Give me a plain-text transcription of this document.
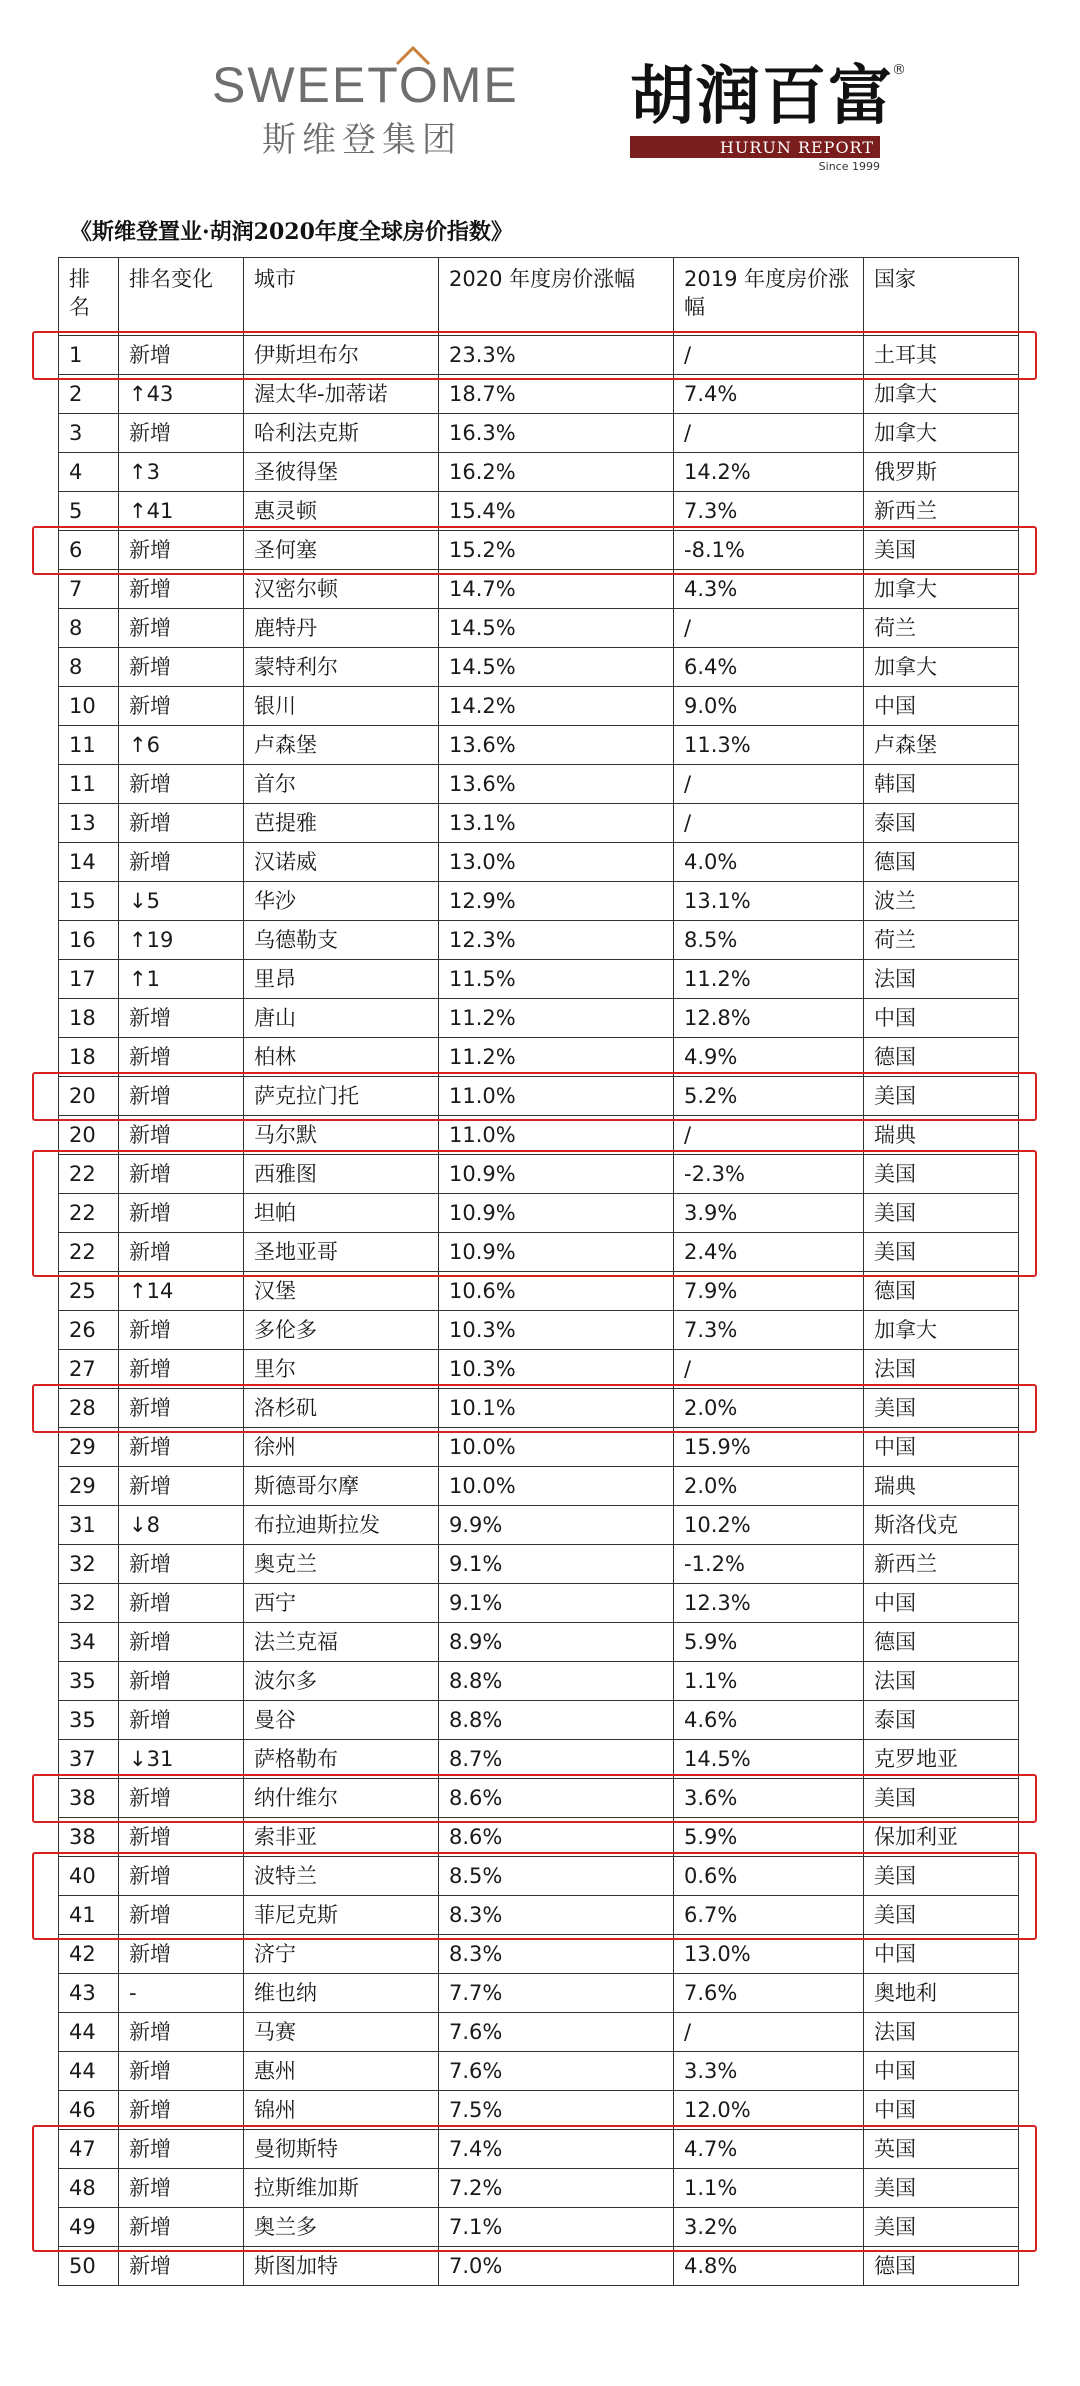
SWEETOME
斯维登集团
胡润百富
®
HURUN REPORT
Since 1999
《斯维登置业·胡润2020年度全球房价指数》
排名	排名变化	城市	2020 年度房价涨幅	2019 年度房价涨幅	国家
1	新增	伊斯坦布尔	23.3%	/	土耳其
2	↑43	渥太华-加蒂诺	18.7%	7.4%	加拿大
3	新增	哈利法克斯	16.3%	/	加拿大
4	↑3	圣彼得堡	16.2%	14.2%	俄罗斯
5	↑41	惠灵顿	15.4%	7.3%	新西兰
6	新增	圣何塞	15.2%	-8.1%	美国
7	新增	汉密尔顿	14.7%	4.3%	加拿大
8	新增	鹿特丹	14.5%	/	荷兰
8	新增	蒙特利尔	14.5%	6.4%	加拿大
10	新增	银川	14.2%	9.0%	中国
11	↑6	卢森堡	13.6%	11.3%	卢森堡
11	新增	首尔	13.6%	/	韩国
13	新增	芭提雅	13.1%	/	泰国
14	新增	汉诺威	13.0%	4.0%	德国
15	↓5	华沙	12.9%	13.1%	波兰
16	↑19	乌德勒支	12.3%	8.5%	荷兰
17	↑1	里昂	11.5%	11.2%	法国
18	新增	唐山	11.2%	12.8%	中国
18	新增	柏林	11.2%	4.9%	德国
20	新增	萨克拉门托	11.0%	5.2%	美国
20	新增	马尔默	11.0%	/	瑞典
22	新增	西雅图	10.9%	-2.3%	美国
22	新增	坦帕	10.9%	3.9%	美国
22	新增	圣地亚哥	10.9%	2.4%	美国
25	↑14	汉堡	10.6%	7.9%	德国
26	新增	多伦多	10.3%	7.3%	加拿大
27	新增	里尔	10.3%	/	法国
28	新增	洛杉矶	10.1%	2.0%	美国
29	新增	徐州	10.0%	15.9%	中国
29	新增	斯德哥尔摩	10.0%	2.0%	瑞典
31	↓8	布拉迪斯拉发	9.9%	10.2%	斯洛伐克
32	新增	奥克兰	9.1%	-1.2%	新西兰
32	新增	西宁	9.1%	12.3%	中国
34	新增	法兰克福	8.9%	5.9%	德国
35	新增	波尔多	8.8%	1.1%	法国
35	新增	曼谷	8.8%	4.6%	泰国
37	↓31	萨格勒布	8.7%	14.5%	克罗地亚
38	新增	纳什维尔	8.6%	3.6%	美国
38	新增	索非亚	8.6%	5.9%	保加利亚
40	新增	波特兰	8.5%	0.6%	美国
41	新增	菲尼克斯	8.3%	6.7%	美国
42	新增	济宁	8.3%	13.0%	中国
43	-	维也纳	7.7%	7.6%	奥地利
44	新增	马赛	7.6%	/	法国
44	新增	惠州	7.6%	3.3%	中国
46	新增	锦州	7.5%	12.0%	中国
47	新增	曼彻斯特	7.4%	4.7%	英国
48	新增	拉斯维加斯	7.2%	1.1%	美国
49	新增	奥兰多	7.1%	3.2%	美国
50	新增	斯图加特	7.0%	4.8%	德国
